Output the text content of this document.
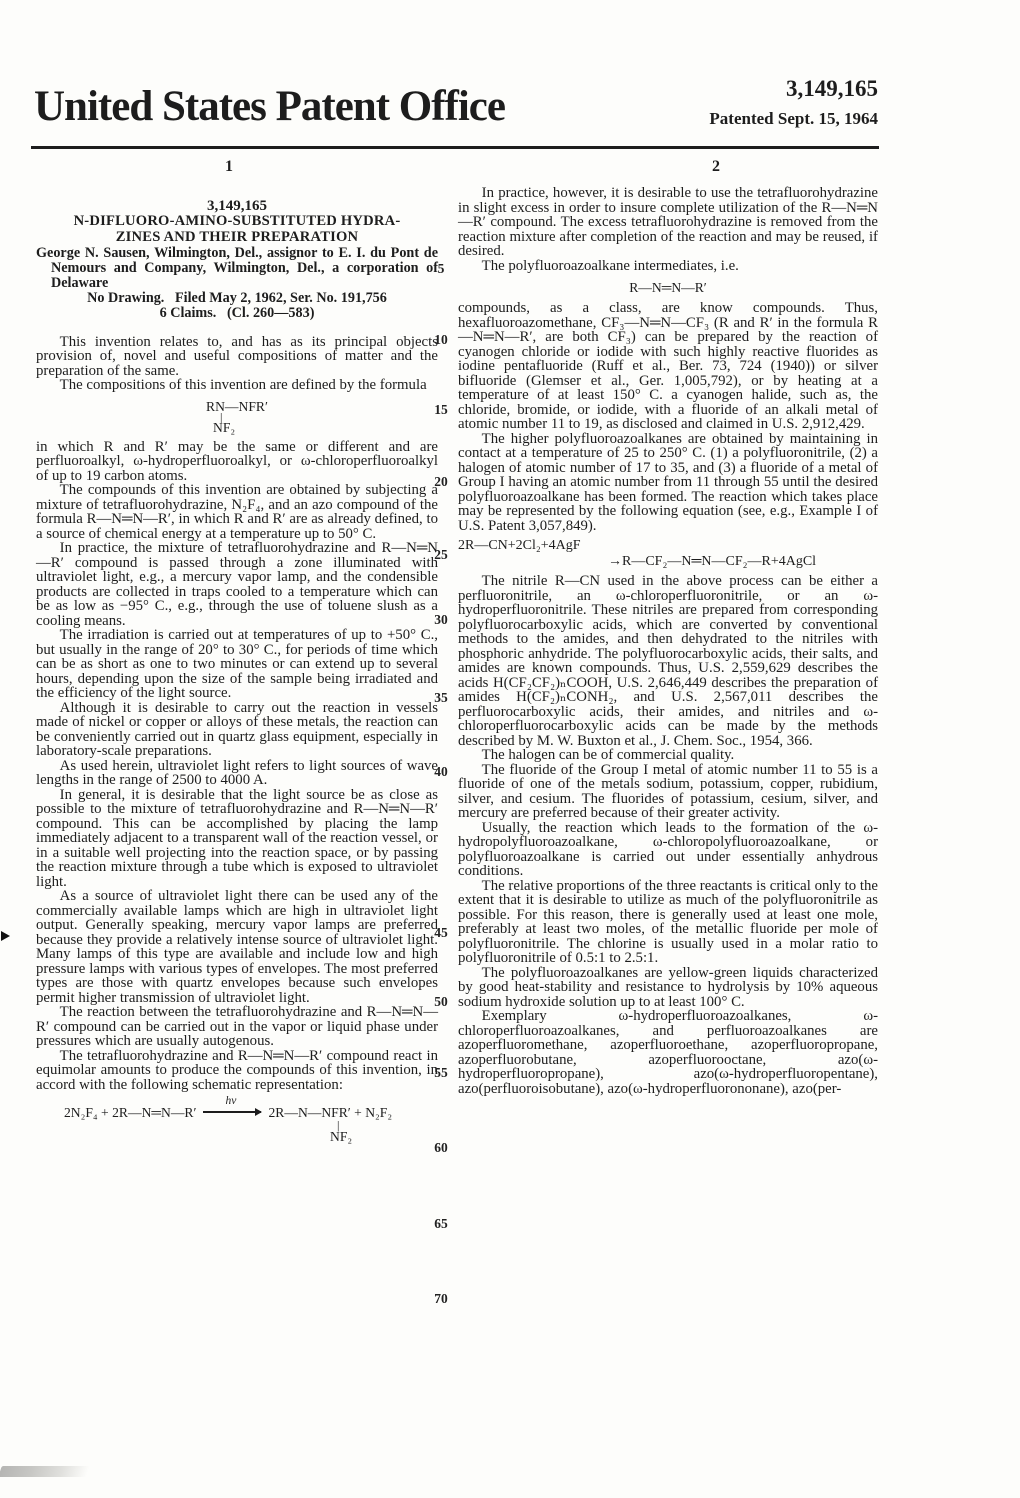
United States Patent Office	3,149,165
Patented Sept. 15, 1964
1	2
3,149,165
N-DIFLUORO-AMINO-SUBSTITUTED HYDRA-
ZINES AND THEIR PREPARATION
George N. Sausen, Wilmington, Del., assignor to E. I. du Pont de Nemours and Company, Wilmington, Del., a corporation of Delaware
No Drawing.   Filed May 2, 1962, Ser. No. 191,756
6 Claims.   (Cl. 260—583)

This invention relates to, and has as its principal objects provision of, novel and useful compositions of matter and the preparation of the same.

The compositions of this invention are defined by the formula

RN—NFR′
|
NF₂

in which R and R′ may be the same or different and are perfluoroalkyl, ω-hydroperfluoroalkyl, or ω-chloroperfluoroalkyl of up to 19 carbon atoms.

The compounds of this invention are obtained by subjecting a mixture of tetrafluorohydrazine, N₂F₄, and an azo compound of the formula R—N═N—R′, in which R and R′ are as already defined, to a source of chemical energy at a temperature up to 50° C.

In practice, the mixture of tetrafluorohydrazine and R—N═N—R′ compound is passed through a zone illuminated with ultraviolet light, e.g., a mercury vapor lamp, and the condensible products are collected in traps cooled to a temperature which can be as low as −95° C., e.g., through the use of toluene slush as a cooling means.

The irradiation is carried out at temperatures of up to +50° C., but usually in the range of 20° to 30° C., for periods of time which can be as short as one to two minutes or can extend up to several hours, depending upon the size of the sample being irradiated and the efficiency of the light source.

Although it is desirable to carry out the reaction in vessels made of nickel or copper or alloys of these metals, the reaction can be conveniently carried out in quartz glass equipment, especially in laboratory-scale preparations.

As used herein, ultraviolet light refers to light sources of wave lengths in the range of 2500 to 4000 A.

In general, it is desirable that the light source be as close as possible to the mixture of tetrafluorohydrazine and R—N═N—R′ compound. This can be accomplished by placing the lamp immediately adjacent to a transparent wall of the reaction vessel, or in a suitable well projecting into the reaction space, or by passing the reaction mixture through a tube which is exposed to ultraviolet light.

As a source of ultraviolet light there can be used any of the commercially available lamps which are high in ultraviolet light output. Generally speaking, mercury vapor lamps are preferred because they provide a relatively intense source of ultraviolet light. Many lamps of this type are available and include low and high pressure lamps with various types of envelopes. The most preferred types are those with quartz envelopes because such envelopes permit higher transmission of ultraviolet light.

The reaction between the tetrafluorohydrazine and R—N═N—R′ compound can be carried out in the vapor or liquid phase under pressures which are usually autogenous.

The tetrafluorohydrazine and R—N═N—R′ compound react in equimolar amounts to produce the compounds of this invention, in accord with the following schematic representation:

2N₂F₄ + 2R—N═N—R′
hν
2R—N—NFR′ + N₂F₂
|
NF₂

In practice, however, it is desirable to use the tetrafluorohydrazine in slight excess in order to insure complete utilization of the R—N═N—R′ compound. The excess tetrafluorohydrazine is removed from the reaction mixture after completion of the reaction and may be reused, if desired.

The polyfluoroazoalkane intermediates, i.e.

R—N═N—R′

compounds, as a class, are know compounds. Thus, hexafluoroazomethane, CF₃—N═N—CF₃ (R and R′ in the formula R—N═N—R′, are both CF₃) can be prepared by the reaction of cyanogen chloride or iodide with such highly reactive fluorides as iodine pentafluoride (Ruff et al., Ber. 73, 724 (1940)) or silver bifluoride (Glemser et al., Ger. 1,005,792), or by heating at a temperature of at least 150° C. a cyanogen halide, such as, the chloride, bromide, or iodide, with a fluoride of an alkali metal of atomic number 11 to 19, as disclosed and claimed in U.S. 2,912,429.

The higher polyfluoroazoalkanes are obtained by maintaining in contact at a temperature of 25 to 250° C. (1) a polyfluoronitrile, (2) a halogen of atomic number of 17 to 35, and (3) a fluoride of a metal of Group I having an atomic number from 11 through 55 until the desired polyfluoroazoalkane has been formed. The reaction which takes place may be represented by the following equation (see, e.g., Example I of U.S. Patent 3,057,849).

2R—CN+2Cl₂+4AgF
→R—CF₂—N═N—CF₂—R+4AgCl

The nitrile R—CN used in the above process can be either a perfluoronitrile, an ω-chloroperfluoronitrile, or an ω-hydroperfluoronitrile. These nitriles are prepared from corresponding polyfluorocarboxylic acids, which are converted by conventional methods to the amides, and then dehydrated to the nitriles with phosphoric anhydride. The polyfluorocarboxylic acids, their salts, and amides are known compounds. Thus, U.S. 2,559,629 describes the acids H(CF₂CF₂)ₙCOOH, U.S. 2,646,449 describes the preparation of amides H(CF₂)ₙCONH₂, and U.S. 2,567,011 describes the perfluorocarboxylic acids, their amides, and nitriles and ω-chloroperfluorocarboxylic acids can be made by the methods described by M. W. Buxton et al., J. Chem. Soc., 1954, 366.

The halogen can be of commercial quality.

The fluoride of the Group I metal of atomic number 11 to 55 is a fluoride of one of the metals sodium, potassium, copper, rubidium, silver, and cesium. The fluorides of potassium, cesium, silver, and mercury are preferred because of their greater activity.

Usually, the reaction which leads to the formation of the ω-hydropolyfluoroazoalkane, ω-chloropolyfluoroazoalkane, or polyfluoroazoalkane is carried out under essentially anhydrous conditions.

The relative proportions of the three reactants is critical only to the extent that it is desirable to utilize as much of the polyfluoronitrile as possible. For this reason, there is generally used at least one mole, preferably at least two moles, of the metallic fluoride per mole of polyfluoronitrile. The chlorine is usually used in a molar ratio to polyfluoronitrile of 0.5:1 to 2.5:1.

The polyfluoroazoalkanes are yellow-green liquids characterized by good heat-stability and resistance to hydrolysis by 10% aqueous sodium hydroxide solution up to at least 100° C.

Exemplary ω-hydroperfluoroazoalkanes, ω-chloroperfluoroazoalkanes, and perfluoroazoalkanes are azoperfluoromethane, azoperfluoroethane, azoperfluoropropane, azoperfluorobutane, azoperfluorooctane, azo(ω-hydroperfluoropropane), azo(ω-hydroperfluoropentane), azo(perfluoroisobutane), azo(ω-hydroperfluorononane), azo(per-

5
10
15
20
25
30
35
40
45
50
55
60
65
70
